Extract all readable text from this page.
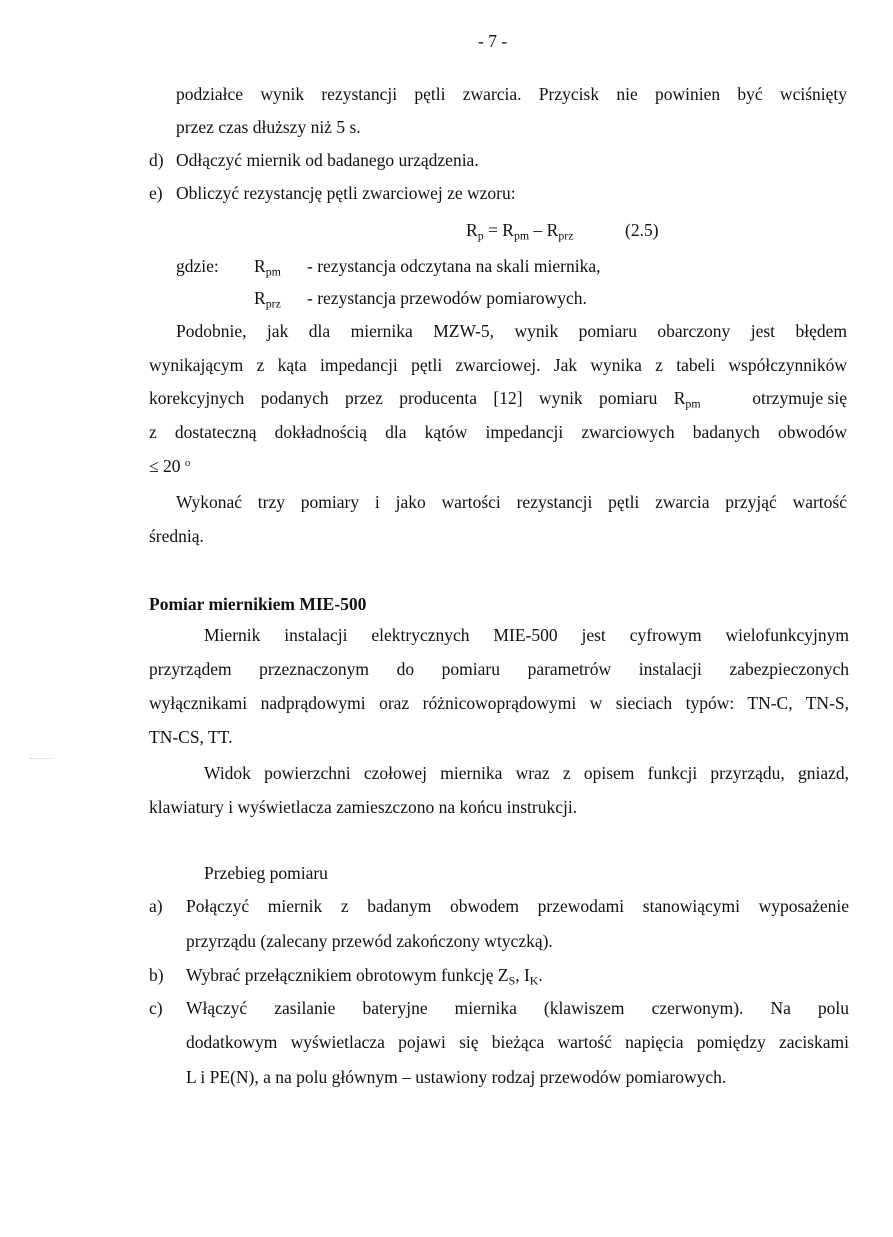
- 7 -
podziałce wynik rezystancji pętli zwarcia. Przycisk nie powinien być wciśnięty
przez czas dłuższy niż 5 s.
d) Odłączyć miernik od badanego urządzenia.
e) Obliczyć rezystancję pętli zwarciowej ze wzoru:
$R_p = R_{pm} - R_{prz}$	(2.5)
gdzie: $R_{pm}$ - rezystancja odczytana na skali miernika,
$R_{prz}$ - rezystancja przewodów pomiarowych.
Podobnie, jak dla miernika MZW-5, wynik pomiaru obarczony jest błędem
wynikającym z kąta impedancji pętli zwarciowej. Jak wynika z tabeli współczynników
korekcyjnych podanych przez producenta [12] wynik pomiaru R $_{pm}$	otrzymuje się
z dostateczną dokładnością dla kątów impedancji zwarciowych badanych obwodów
≤ 20 $^o$
Wykonać trzy pomiary i jako wartości rezystancji pętli zwarcia przyjąć wartość
średnią.
Pomiar miernikiem MIE-500
Miernik instalacji elektrycznych MIE-500 jest cyfrowym wielofunkcyjnym
przyrządem przeznaczonym do pomiaru parametrów instalacji zabezpieczonych
wyłącznikami nadprądowymi oraz różnicowoprądowymi w sieciach typów: TN-C, TN-S,
TN-CS, TT.
Widok powierzchni czołowej miernika wraz z opisem funkcji przyrządu, gniazd,
klawiatury i wyświetlacza zamieszczono na końcu instrukcji.
Przebieg pomiaru
a) Połączyć miernik z badanym obwodem przewodami stanowiącymi wyposażenie
przyrządu (zalecany przewód zakończony wtyczką).
b) Wybrać przełącznikiem obrotowym funkcję $Z_S$, $I_K$.
c) Włączyć zasilanie bateryjne miernika (klawiszem czerwonym). Na polu
dodatkowym wyświetlacza pojawi się bieżąca wartość napięcia pomiędzy zaciskami
L i PE(N), a na polu głównym – ustawiony rodzaj przewodów pomiarowych.
